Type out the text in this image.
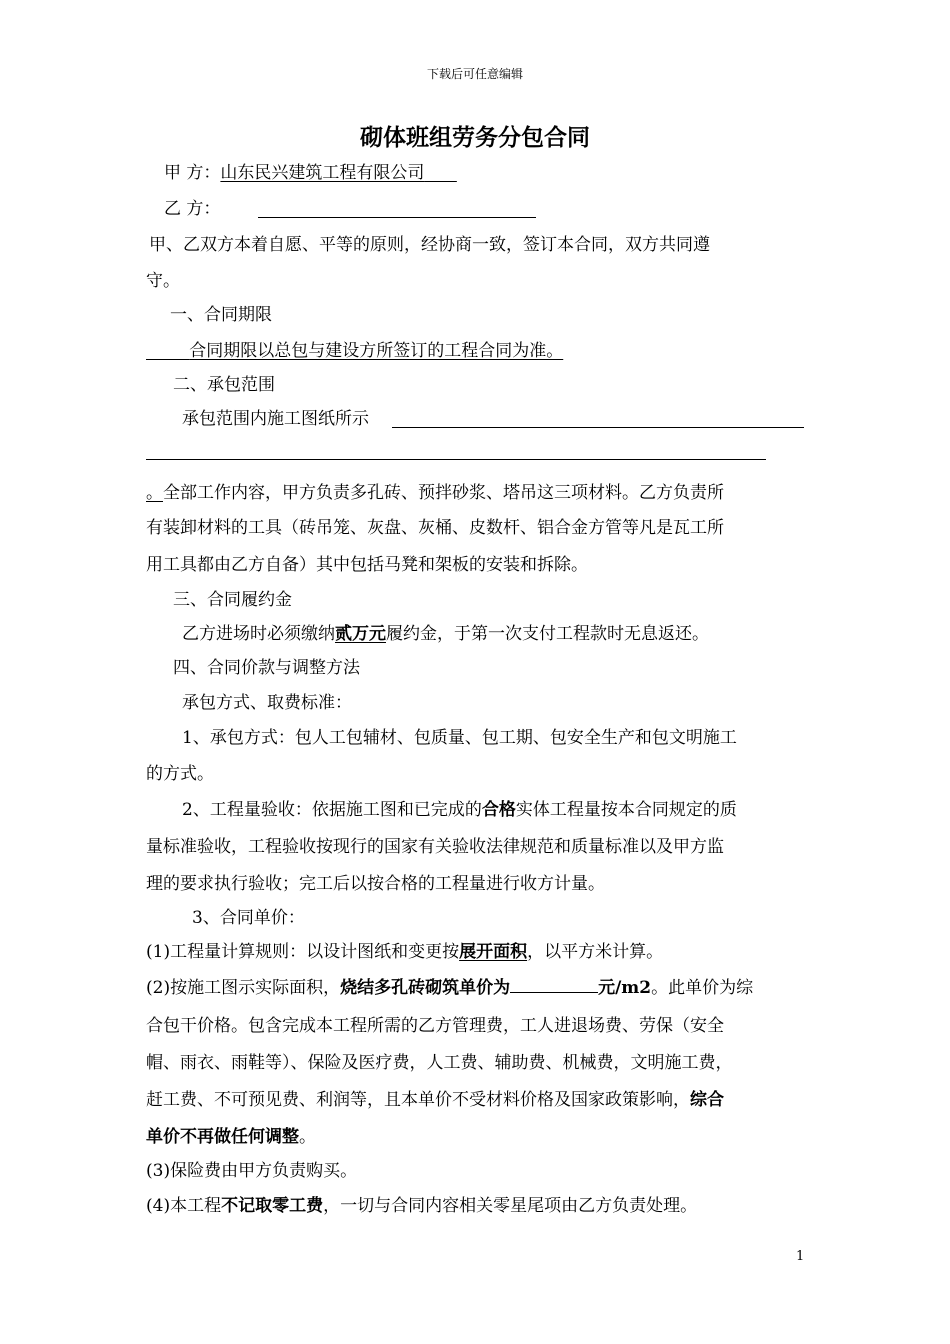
下载后可任意编辑
砌体班组劳务分包合同
甲 方：山东民兴建筑工程有限公司
乙 方：
甲、乙双方本着自愿、平等的原则，经协商一致，签订本合同，双方共同遵
守。
一、合同期限
合同期限以总包与建设方所签订的工程合同为准。
二、承包范围
承包范围内施工图纸所示
。全部工作内容，甲方负责多孔砖、预拌砂浆、塔吊这三项材料。乙方负责所
有装卸材料的工具（砖吊笼、灰盘、灰桶、皮数杆、铝合金方管等凡是瓦工所
用工具都由乙方自备）其中包括马凳和架板的安装和拆除。
三、合同履约金
乙方进场时必须缴纳贰万元履约金，于第一次支付工程款时无息返还。
四、合同价款与调整方法
承包方式、取费标准：
1、承包方式：包人工包辅材、包质量、包工期、包安全生产和包文明施工
的方式。
2、工程量验收：依据施工图和已完成的合格实体工程量按本合同规定的质
量标准验收，工程验收按现行的国家有关验收法律规范和质量标准以及甲方监
理的要求执行验收；完工后以按合格的工程量进行收方计量。
3、合同单价：
(1)工程量计算规则：以设计图纸和变更按展开面积，以平方米计算。
(2)按施工图示实际面积，烧结多孔砖砌筑单价为	元/m2。此单价为综
合包干价格。包含完成本工程所需的乙方管理费，工人进退场费、劳保（安全
帽、雨衣、雨鞋等）、保险及医疗费，人工费、辅助费、机械费，文明施工费，
赶工费、不可预见费、利润等，且本单价不受材料价格及国家政策影响，综合
单价不再做任何调整。
(3)保险费由甲方负责购买。
(4)本工程不记取零工费，一切与合同内容相关零星尾项由乙方负责处理。
1
